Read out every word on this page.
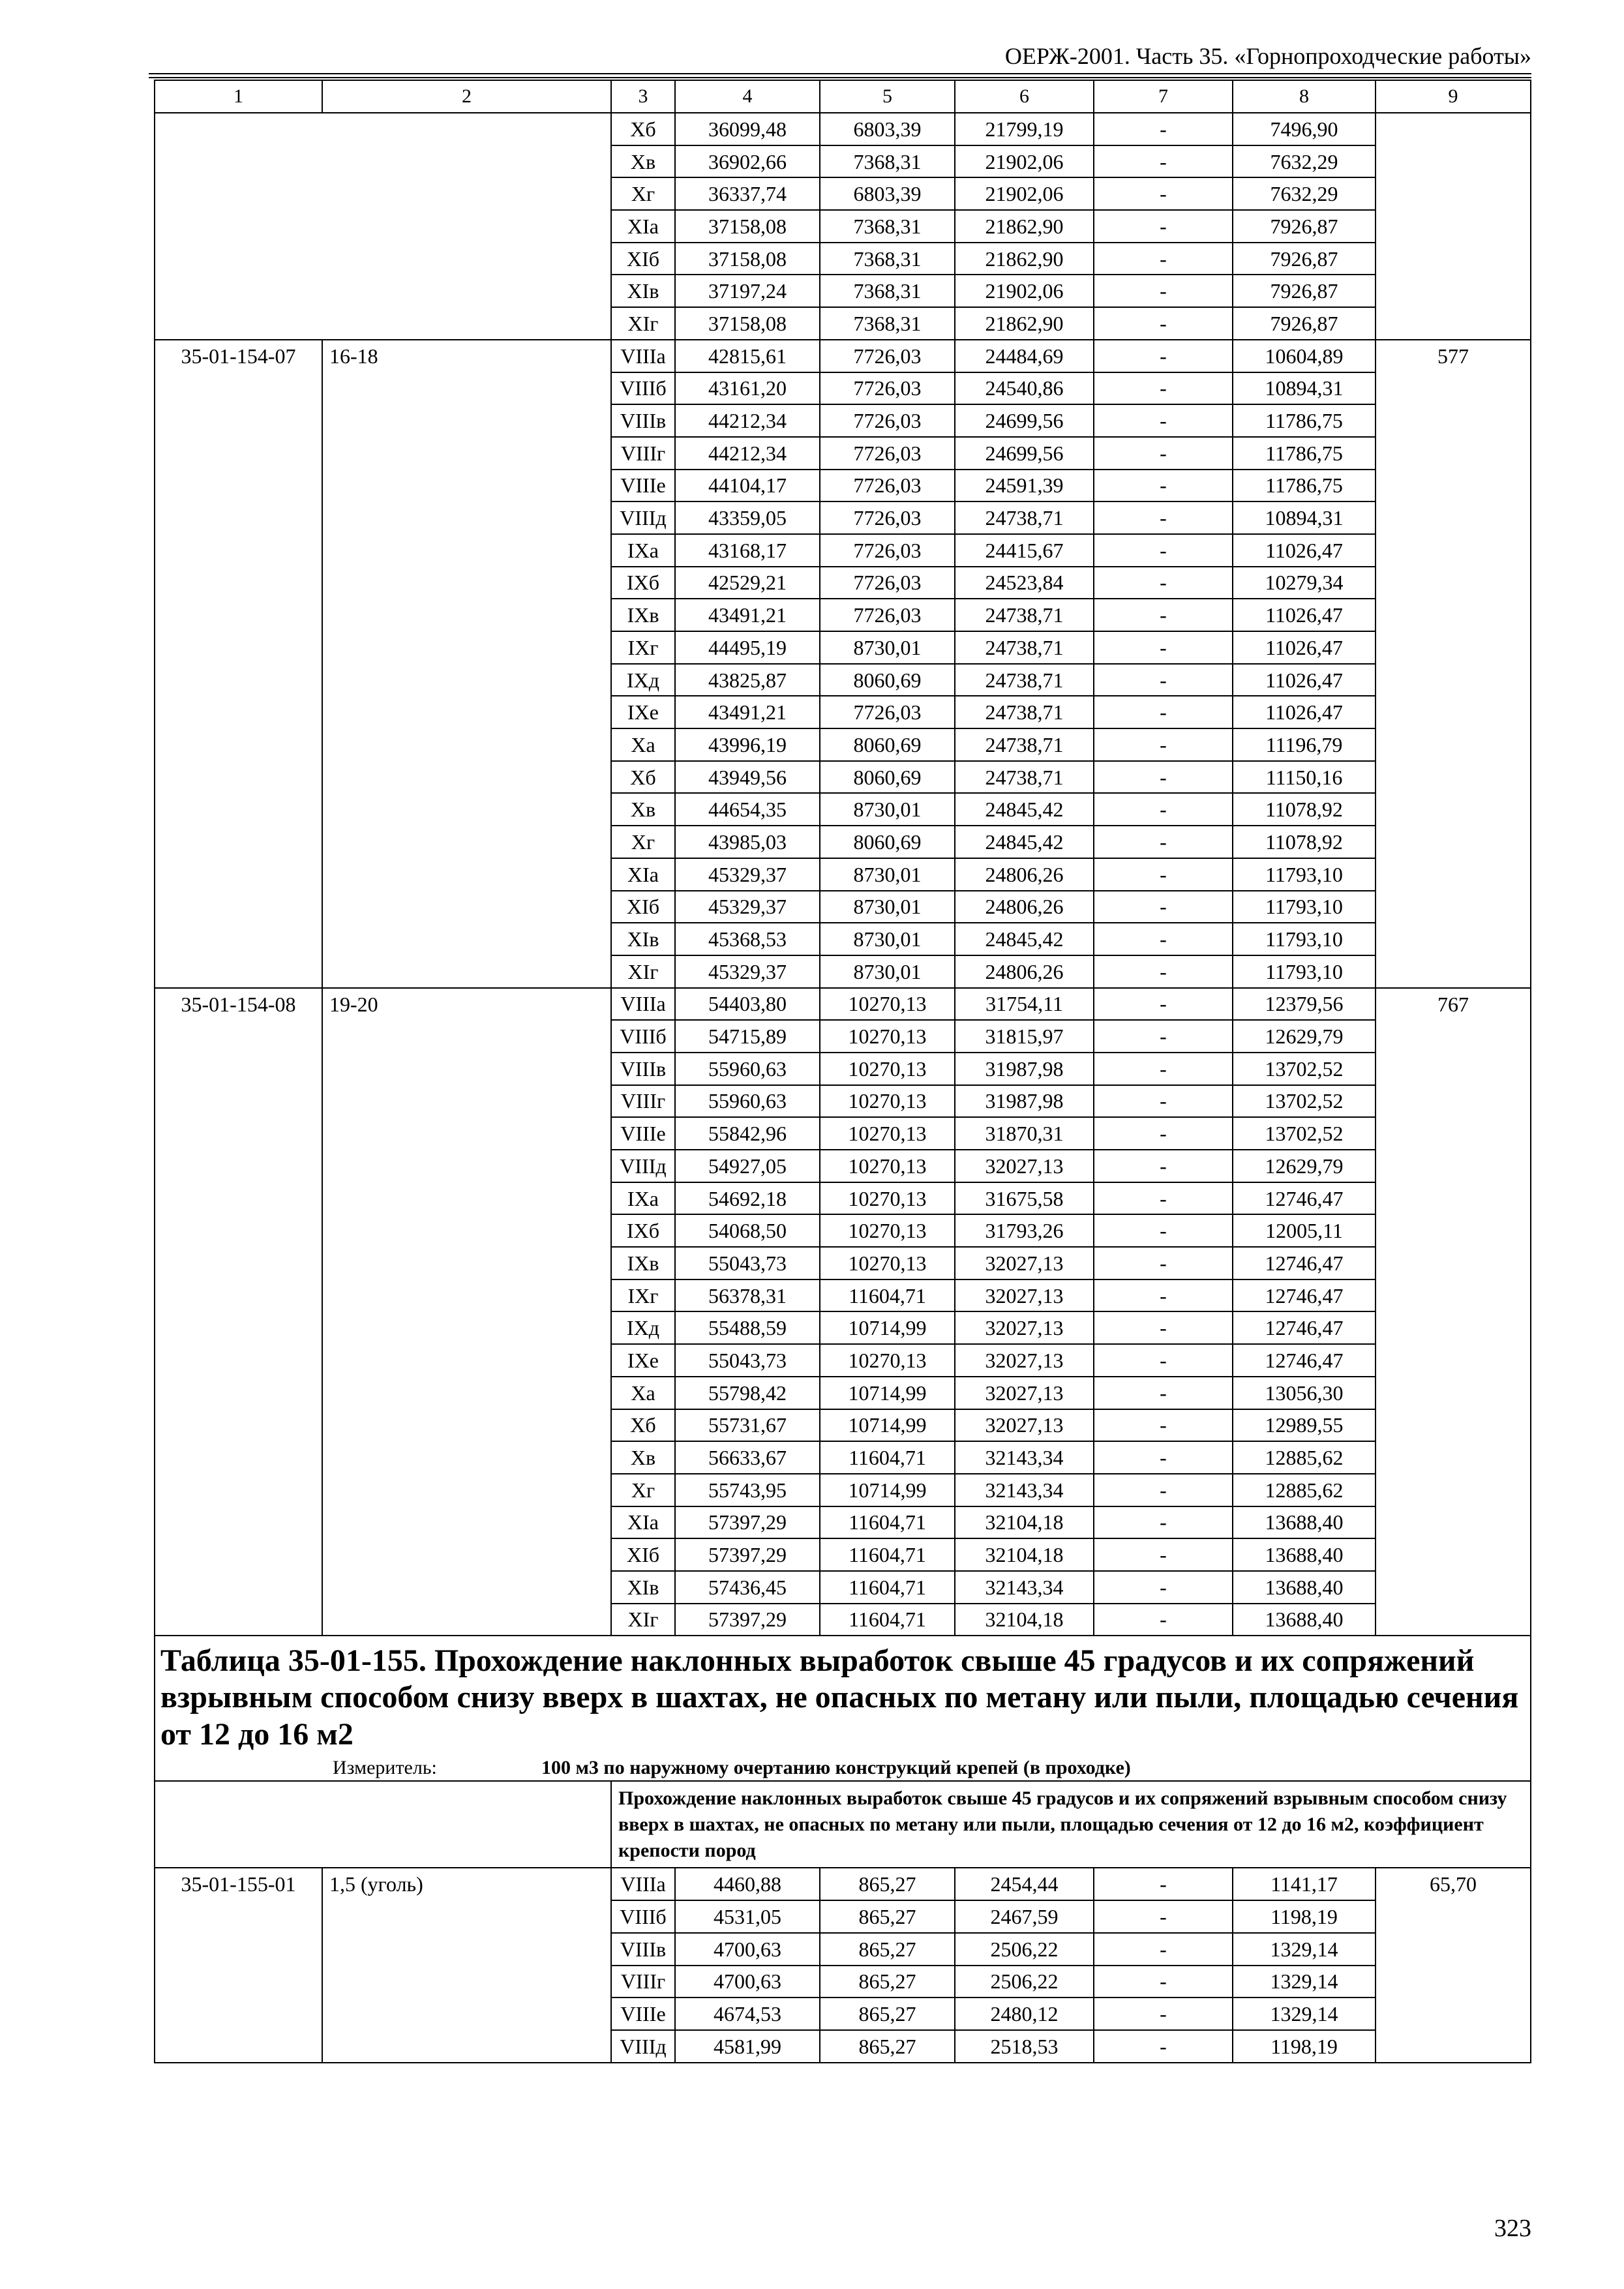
ОЕРЖ-2001. Часть 35. «Горнопроходческие работы»
1	2	3	4	5	6	7	8	9
		Хб	36099,48	6803,39	21799,19	-	7496,90	
		Хв	36902,66	7368,31	21902,06	-	7632,29	
		Хг	36337,74	6803,39	21902,06	-	7632,29	
		ХIа	37158,08	7368,31	21862,90	-	7926,87	
		ХIб	37158,08	7368,31	21862,90	-	7926,87	
		ХIв	37197,24	7368,31	21902,06	-	7926,87	
		ХIг	37158,08	7368,31	21862,90	-	7926,87	
35-01-154-07	16-18	VIIIа	42815,61	7726,03	24484,69	-	10604,89	577
		VIIIб	43161,20	7726,03	24540,86	-	10894,31	
		VIIIв	44212,34	7726,03	24699,56	-	11786,75	
		VIIIг	44212,34	7726,03	24699,56	-	11786,75	
		VIIIе	44104,17	7726,03	24591,39	-	11786,75	
		VIIIд	43359,05	7726,03	24738,71	-	10894,31	
		IХа	43168,17	7726,03	24415,67	-	11026,47	
		IХб	42529,21	7726,03	24523,84	-	10279,34	
		IХв	43491,21	7726,03	24738,71	-	11026,47	
		IХг	44495,19	8730,01	24738,71	-	11026,47	
		IХд	43825,87	8060,69	24738,71	-	11026,47	
		IХе	43491,21	7726,03	24738,71	-	11026,47	
		Ха	43996,19	8060,69	24738,71	-	11196,79	
		Хб	43949,56	8060,69	24738,71	-	11150,16	
		Хв	44654,35	8730,01	24845,42	-	11078,92	
		Хг	43985,03	8060,69	24845,42	-	11078,92	
		ХIа	45329,37	8730,01	24806,26	-	11793,10	
		ХIб	45329,37	8730,01	24806,26	-	11793,10	
		ХIв	45368,53	8730,01	24845,42	-	11793,10	
		ХIг	45329,37	8730,01	24806,26	-	11793,10	
35-01-154-08	19-20	VIIIа	54403,80	10270,13	31754,11	-	12379,56	767
		VIIIб	54715,89	10270,13	31815,97	-	12629,79	
		VIIIв	55960,63	10270,13	31987,98	-	13702,52	
		VIIIг	55960,63	10270,13	31987,98	-	13702,52	
		VIIIе	55842,96	10270,13	31870,31	-	13702,52	
		VIIIд	54927,05	10270,13	32027,13	-	12629,79	
		IХа	54692,18	10270,13	31675,58	-	12746,47	
		IХб	54068,50	10270,13	31793,26	-	12005,11	
		IХв	55043,73	10270,13	32027,13	-	12746,47	
		IХг	56378,31	11604,71	32027,13	-	12746,47	
		IХд	55488,59	10714,99	32027,13	-	12746,47	
		IХе	55043,73	10270,13	32027,13	-	12746,47	
		Ха	55798,42	10714,99	32027,13	-	13056,30	
		Хб	55731,67	10714,99	32027,13	-	12989,55	
		Хв	56633,67	11604,71	32143,34	-	12885,62	
		Хг	55743,95	10714,99	32143,34	-	12885,62	
		ХIа	57397,29	11604,71	32104,18	-	13688,40	
		ХIб	57397,29	11604,71	32104,18	-	13688,40	
		ХIв	57436,45	11604,71	32143,34	-	13688,40	
		ХIг	57397,29	11604,71	32104,18	-	13688,40	
Таблица 35-01-155. Прохождение наклонных выработок свыше 45 градусов и их сопряжений взрывным способом снизу вверх в шахтах, не опасных по метану или пыли, площадью сечения от 12 до 16 м2								
Измеритель: 100 м3 по наружному очертанию конструкций крепей (в проходке)								
		Прохождение наклонных выработок свыше 45 градусов и их сопряжений взрывным способом снизу вверх в шахтах, не опасных по метану или пыли, площадью сечения от 12 до 16 м2, коэффициент крепости пород						
35-01-155-01	1,5 (уголь)	VIIIа	4460,88	865,27	2454,44	-	1141,17	65,70
		VIIIб	4531,05	865,27	2467,59	-	1198,19	
		VIIIв	4700,63	865,27	2506,22	-	1329,14	
		VIIIг	4700,63	865,27	2506,22	-	1329,14	
		VIIIе	4674,53	865,27	2480,12	-	1329,14	
		VIIIд	4581,99	865,27	2518,53	-	1198,19	
323
